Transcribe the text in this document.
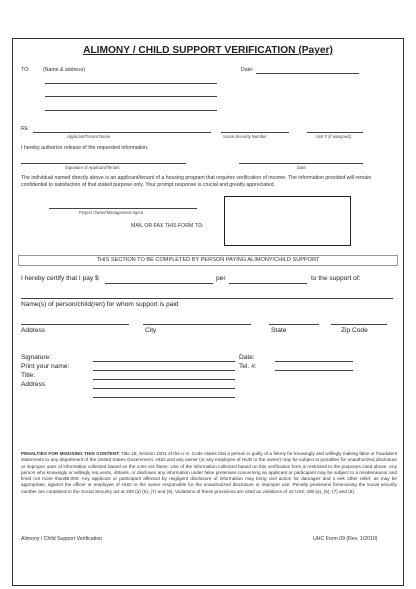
ALIMONY / CHILD SUPPORT VERIFICATION (Payer)
TO:	(Name & address)	Date:
RE:
Applicant/Tenant Name	Social Security Number	Unit # (if assigned)
I hereby authorize release of the requested information.
Signature of Applicant/Tenant	Date
The individual named directly above is an applicant/tenant of a housing program that requires verification of income. The information provided will remain confidential to satisfaction of that stated purpose only. Your prompt response is crucial and greatly appreciated.
Project Owner/Management Agent
MAIL OR FAX THIS FORM TO:
THIS SECTION TO BE COMPLETED BY PERSON PAYING ALIMONY/CHILD SUPPORT
I hereby certify that I pay $	per	to the support of:
Name(s) of person/child(ren) for whom support is paid
Address	City	State	Zip Code
Signature:	Date:
Print your name:	Tel. #:
Title:
Address
PENALTIES FOR MISUSING THIS CONTENT: Title 18, Section 1001 of the U.S. Code states that a person is guilty of a felony for knowingly and willingly making false or fraudulent statements to any department of the United States Government. HUD and any owner (or any employee of HUD or the owner) may be subject to penalties for unauthorized disclosure or improper uses of information collected based on the cons ent flamn. Use of the information collected based on this verification form is restricted to the purposes cited above. Any person who knowingly or willingly req uests, obtains, or discloses any information under false pretenses concerning an applicant or participant may be subject to a misdemeanor and fined not more than$5,000. Any applicant or participant affected by negligent disclosure of information may bring civil action for damages and s eek other relief, as may be appropriate, against the officer or employee of HUD or the owner responsible for the unauthorized disclosure or improper use. Penalty provisions formisusing the social security number are contained m the Social Security act at 208 (a) (6), (7) and (8). Violations of these provisions are cited as violations of 42 USC 408 (a), (6), (7) and (8).
Alimony / Child Support Verification	UHC Form 09 (Rev. 1/2010)
